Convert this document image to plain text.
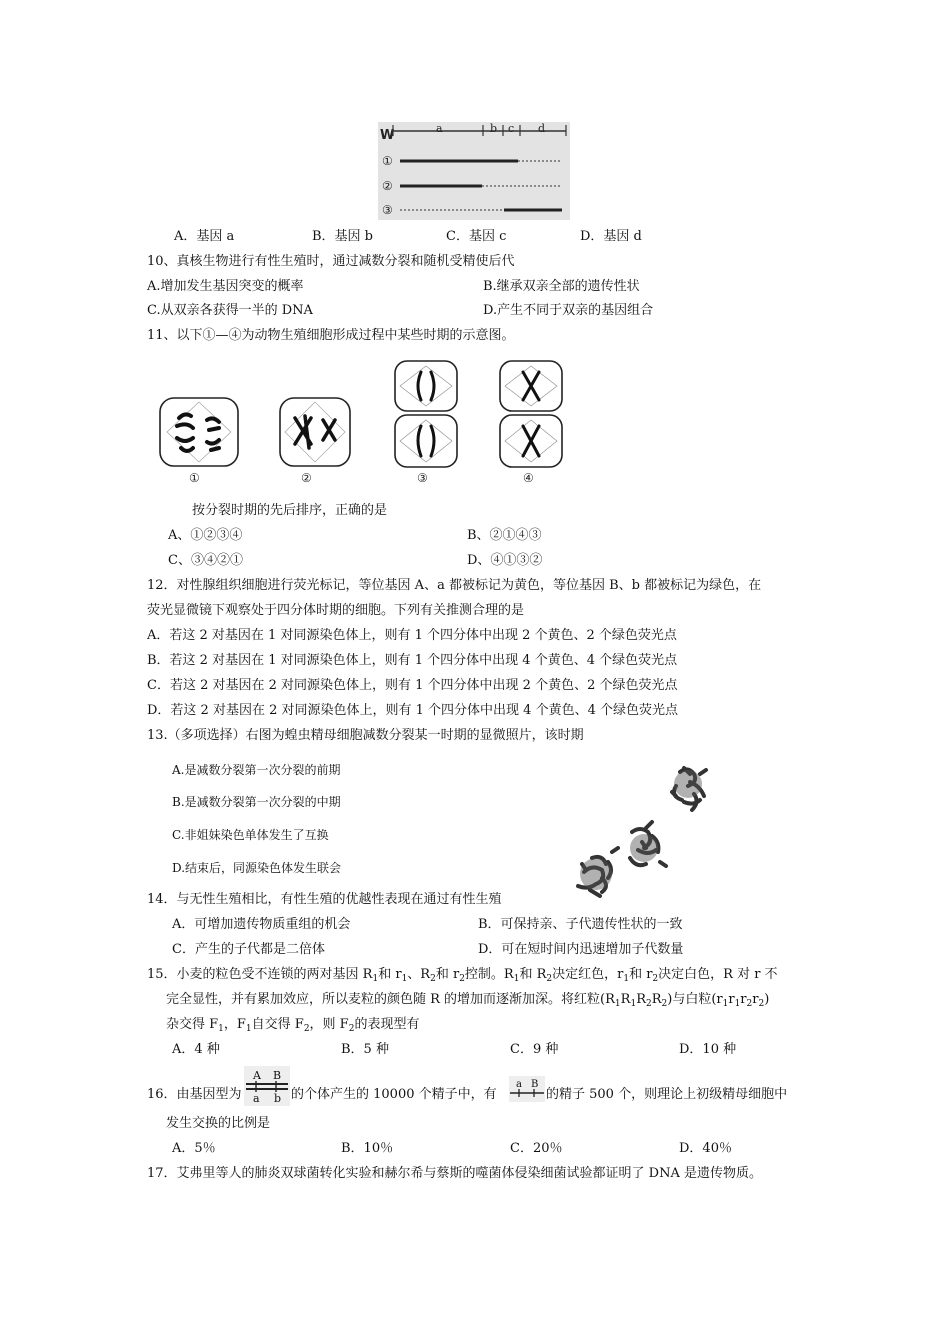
W	a	b c d
①
②
③
A．基因 a	B．基因 b	C．基因 c	D．基因 d
10、真核生物进行有性生殖时，通过减数分裂和随机受精使后代
A.增加发生基因突变的概率	B.继承双亲全部的遗传性状
C.从双亲各获得一半的 DNA	D.产生不同于双亲的基因组合
11、以下①—④为动物生殖细胞形成过程中某些时期的示意图。
①	②	③	④
按分裂时期的先后排序，正确的是
A、①②③④	B、②①④③
C、③④②①	D、④①③②
12．对性腺组织细胞进行荧光标记，等位基因 A、a 都被标记为黄色，等位基因 B、b 都被标记为绿色，在
荧光显微镜下观察处于四分体时期的细胞。下列有关推测合理的是
A．若这 2 对基因在 1 对同源染色体上，则有 1 个四分体中出现 2 个黄色、2 个绿色荧光点
B．若这 2 对基因在 1 对同源染色体上，则有 1 个四分体中出现 4 个黄色、4 个绿色荧光点
C．若这 2 对基因在 2 对同源染色体上，则有 1 个四分体中出现 2 个黄色、2 个绿色荧光点
D．若这 2 对基因在 2 对同源染色体上，则有 1 个四分体中出现 4 个黄色、4 个绿色荧光点
13.（多项选择）右图为蝗虫精母细胞减数分裂某一时期的显微照片，该时期
A.是减数分裂第一次分裂的前期
B.是减数分裂第一次分裂的中期
C.非姐妹染色单体发生了互换
D.结束后，同源染色体发生联会
14．与无性生殖相比，有性生殖的优越性表现在通过有性生殖
A．可增加遗传物质重组的机会	B．可保持亲、子代遗传性状的一致
C．产生的子代都是二倍体	D．可在短时间内迅速增加子代数量
15．小麦的粒色受不连锁的两对基因 $R_1$和 $r_1$、$R_2$和 $r_2$控制。$R_1$和 $R_2$决定红色，$r_1$和 $r_2$决定白色，R 对 r 不
完全显性，并有累加效应，所以麦粒的颜色随 R 的增加而逐渐加深。将红粒$(R_1R_1R_2R_2)$与白粒$(r_1r_1r_2r_2)$
杂交得 $F_1$，$F_1$自交得 $F_2$，则 $F_2$的表现型有
A．4 种	B．5 种	C．9 种	D．10 种
16．由基因型为
A B
a b 的个体产生的 10000 个精子中，有
a B
的精子 500 个，则理论上初级精母细胞中
发生交换的比例是
A．5％	B．10％	C．20％	D．40％
17．艾弗里等人的肺炎双球菌转化实验和赫尔希与蔡斯的噬菌体侵染细菌试验都证明了 DNA 是遗传物质。
